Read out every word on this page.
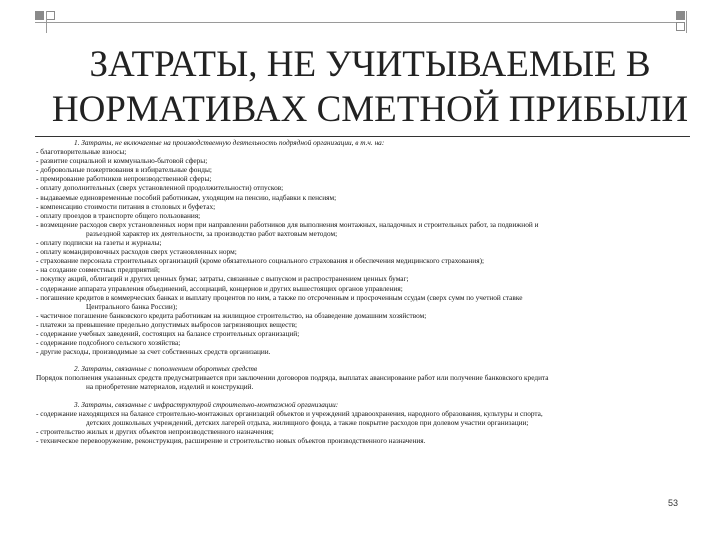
ЗАТРАТЫ, НЕ УЧИТЫВАЕМЫЕ В
НОРМАТИВАХ СМЕТНОЙ ПРИБЫЛИ

1. Затраты, не включаемые на производственную деятельность подрядной организации, в т.ч. на:

- благотворительные взносы;

- развитие социальной и коммунально-бытовой сферы;

- добровольные пожертвования в избирательные фонды;

- премирование работников непроизводственной сферы;

- оплату дополнительных (сверх установленной продолжительности) отпусков;

- выдаваемые единовременные пособий работникам, уходящим на пенсию, надбавки к пенсиям;

- компенсацию стоимости питания в столовых и буфетах;

- оплату проездов в транспорте общего пользования;

- возмещение расходов сверх установленных норм при направлении работников для выполнения монтажных, наладочных и строительных работ, за подвижной и

разъездной характер их деятельности, за производство работ вахтовым методом;

- оплату подписки на газеты и журналы;

- оплату командировочных расходов сверх установленных норм;

- страхование персонала строительных организаций (кроме обязательного социального страхования и обеспечения медицинского страхования);

- на создание совместных предприятий;

- покупку акций, облигаций и других ценных бумаг, затраты, связанные с выпуском и распространением ценных бумаг;

- содержание аппарата управления объединений, ассоциаций, концернов и других вышестоящих органов управления;

- погашение кредитов в коммерческих банках и выплату процентов по ним, а также по отсроченным и просроченным ссудам (сверх сумм по учетной ставке

Центрального банка России);

- частичное погашение банковского кредита работникам на жилищное строительство, на обзаведение домашним хозяйством;

- платежи за превышение предельно допустимых выбросов загрязняющих веществ;

- содержание учебных заведений, состоящих на балансе строительных организаций;

- содержание подсобного сельского хозяйства;

- другие расходы, производимые за счет собственных средств организации.

2. Затраты, связанные с пополнением оборотных средств

Порядок пополнения указанных средств предусматривается при заключении договоров подряда, выплатах авансирование работ или получение банковского кредита

на приобретение материалов, изделий и конструкций.

3. Затраты, связанные с инфраструктурой строительно-монтажной организации:

- содержание находящихся на балансе строительно-монтажных организаций объектов и учреждений здравоохранения, народного образования, культуры и спорта,

детских дошкольных учреждений, детских лагерей отдыха, жилищного фонда, а также покрытие расходов при долевом участии организации;

- строительство жилых и других объектов непроизводственного назначения;

- техническое перевооружение, реконструкция, расширение и строительство новых объектов производственного назначения.

53
